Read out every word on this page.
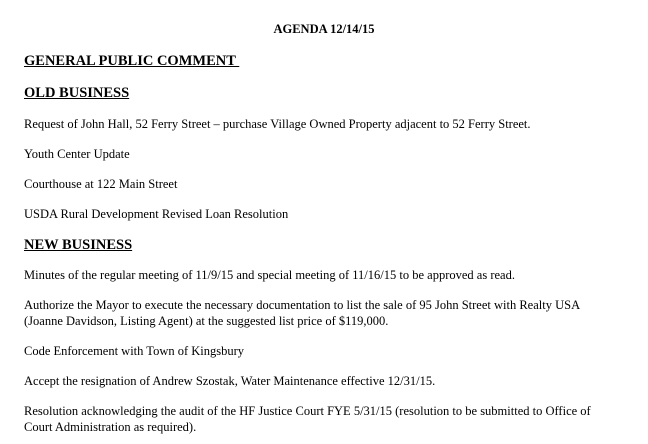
AGENDA 12/14/15
GENERAL PUBLIC COMMENT
OLD BUSINESS
Request of John Hall, 52 Ferry Street – purchase Village Owned Property adjacent to 52 Ferry Street.
Youth Center Update
Courthouse at 122 Main Street
USDA Rural Development Revised Loan Resolution
NEW BUSINESS
Minutes of the regular meeting of 11/9/15 and special meeting of 11/16/15 to be approved as read.
Authorize the Mayor to execute the necessary documentation to list the sale of 95 John Street with Realty USA
(Joanne Davidson, Listing Agent) at the suggested list price of $119,000.
Code Enforcement with Town of Kingsbury
Accept the resignation of Andrew Szostak, Water Maintenance effective 12/31/15.
Resolution acknowledging the audit of the HF Justice Court FYE 5/31/15 (resolution to be submitted to Office of
Court Administration as required).
